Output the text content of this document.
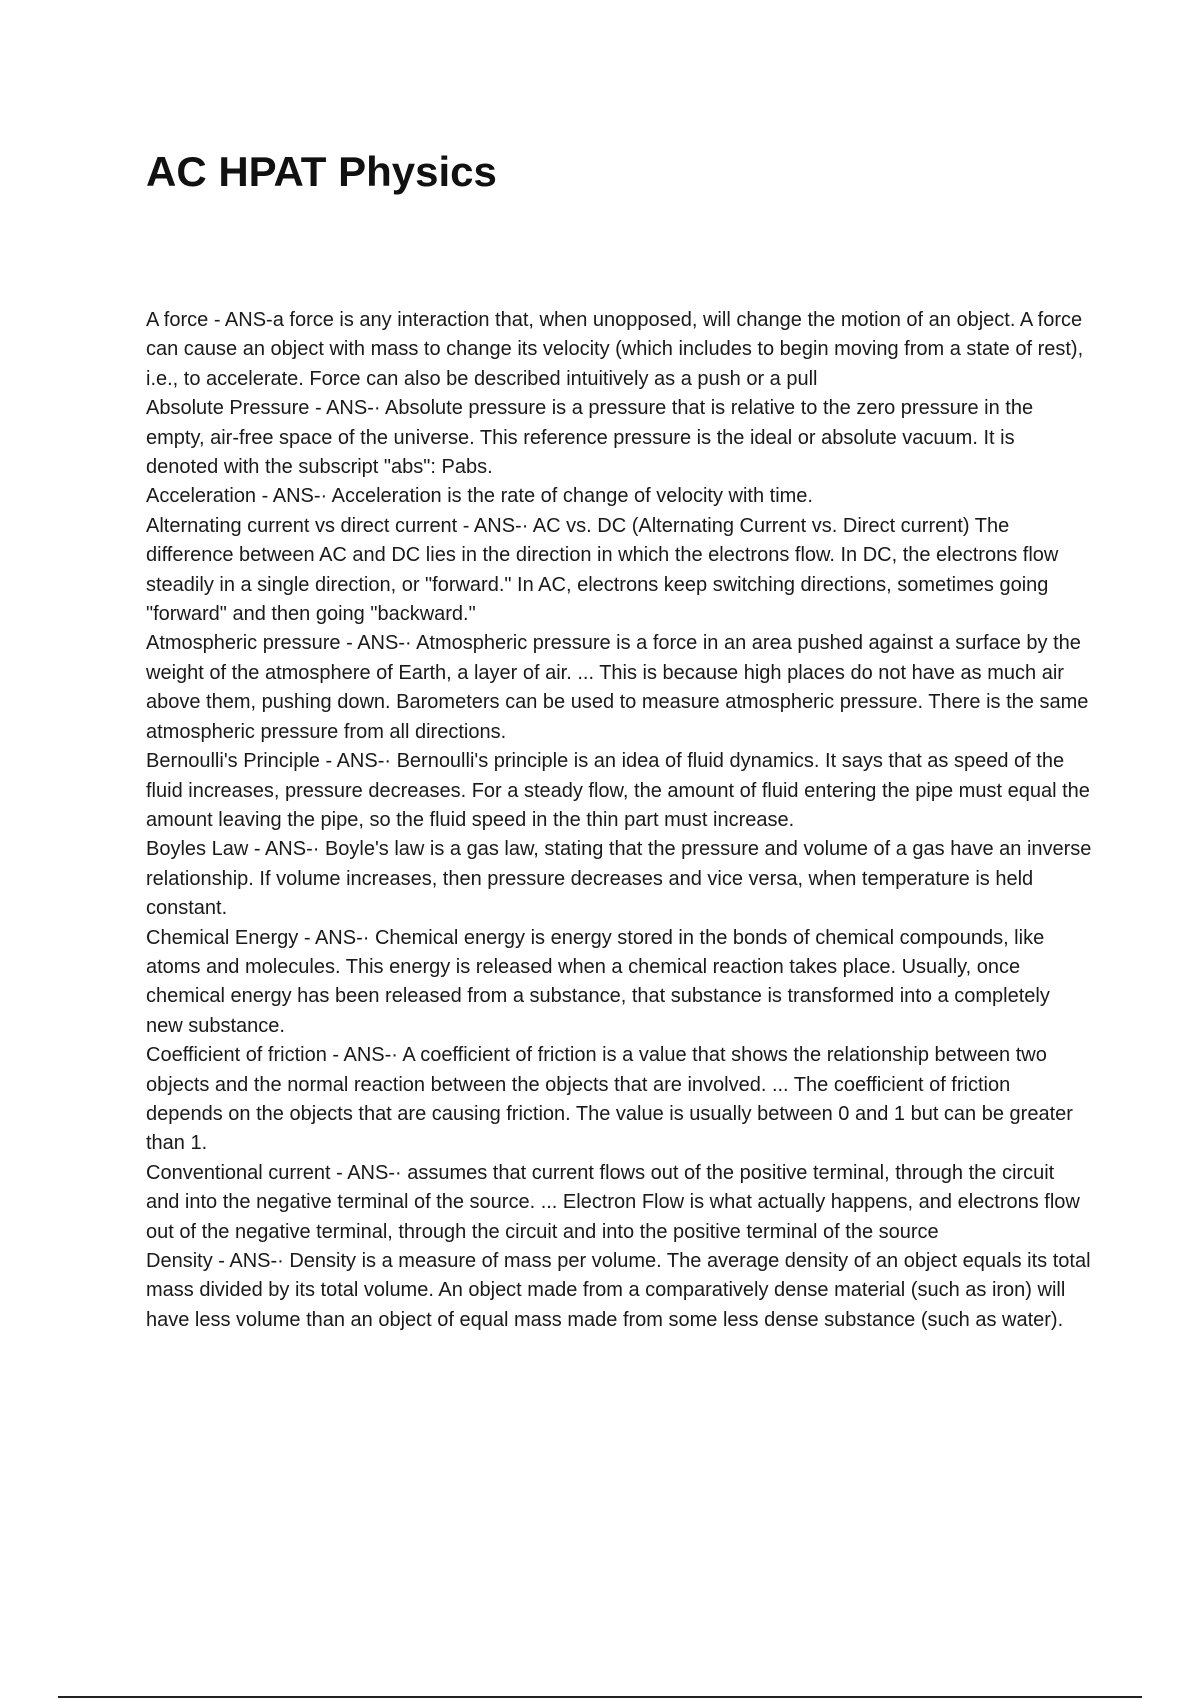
AC HPAT Physics

A force - ANS-a force is any interaction that, when unopposed, will change the motion of an object. A force can cause an object with mass to change its velocity (which includes to begin moving from a state of rest), i.e., to accelerate. Force can also be described intuitively as a push or a pull

Absolute Pressure - ANS-· Absolute pressure is a pressure that is relative to the zero pressure in the empty, air-free space of the universe. This reference pressure is the ideal or absolute vacuum. It is denoted with the subscript "abs": Pabs.

Acceleration - ANS-· Acceleration is the rate of change of velocity with time.

Alternating current vs direct current - ANS-· AC vs. DC (Alternating Current vs. Direct current) The difference between AC and DC lies in the direction in which the electrons flow. In DC, the electrons flow steadily in a single direction, or "forward." In AC, electrons keep switching directions, sometimes going "forward" and then going "backward."

Atmospheric pressure - ANS-· Atmospheric pressure is a force in an area pushed against a surface by the weight of the atmosphere of Earth, a layer of air. ... This is because high places do not have as much air above them, pushing down. Barometers can be used to measure atmospheric pressure. There is the same atmospheric pressure from all directions.

Bernoulli's Principle - ANS-· Bernoulli's principle is an idea of fluid dynamics. It says that as speed of the fluid increases, pressure decreases. For a steady flow, the amount of fluid entering the pipe must equal the amount leaving the pipe, so the fluid speed in the thin part must increase.

Boyles Law - ANS-· Boyle's law is a gas law, stating that the pressure and volume of a gas have an inverse relationship. If volume increases, then pressure decreases and vice versa, when temperature is held constant.

Chemical Energy - ANS-· Chemical energy is energy stored in the bonds of chemical compounds, like atoms and molecules. This energy is released when a chemical reaction takes place. Usually, once chemical energy has been released from a substance, that substance is transformed into a completely new substance.

Coefficient of friction - ANS-· A coefficient of friction is a value that shows the relationship between two objects and the normal reaction between the objects that are involved. ... The coefficient of friction depends on the objects that are causing friction. The value is usually between 0 and 1 but can be greater than 1.

Conventional current - ANS-· assumes that current flows out of the positive terminal, through the circuit and into the negative terminal of the source. ... Electron Flow is what actually happens, and electrons flow out of the negative terminal, through the circuit and into the positive terminal of the source

Density - ANS-· Density is a measure of mass per volume. The average density of an object equals its total mass divided by its total volume. An object made from a comparatively dense material (such as iron) will have less volume than an object of equal mass made from some less dense substance (such as water).
